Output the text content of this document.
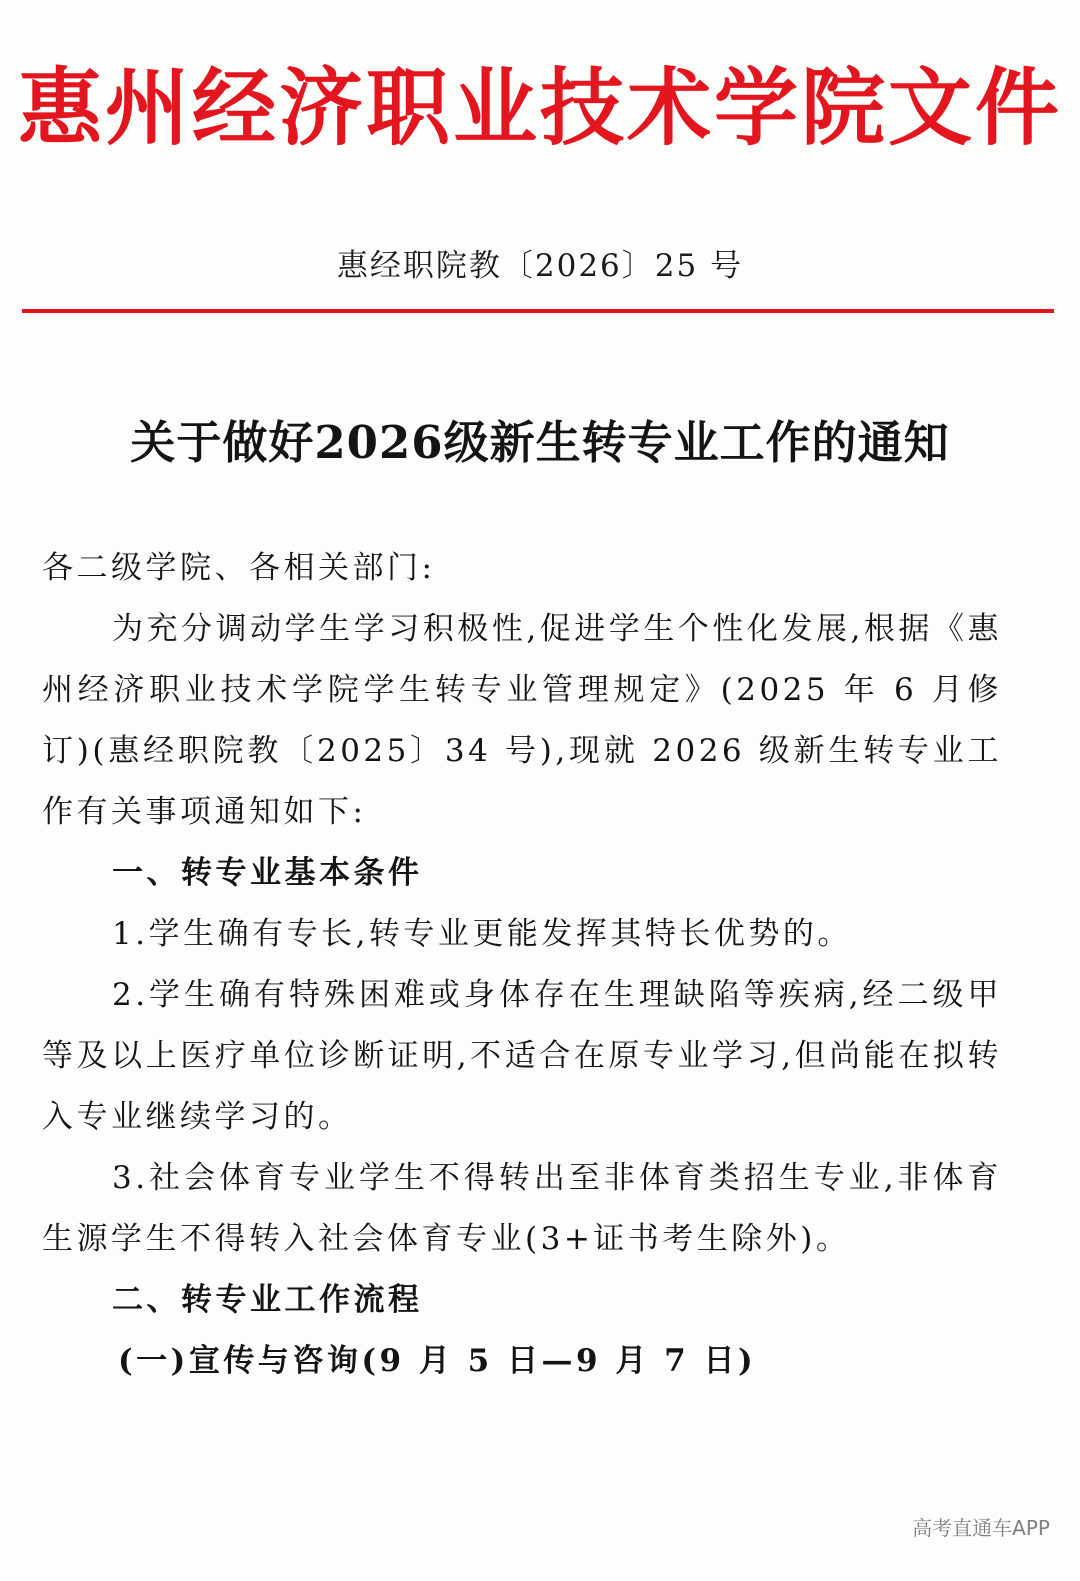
惠州经济职业技术学院文件
惠经职院教〔2026〕25 号
关于做好2026级新生转专业工作的通知

各二级学院、各相关部门:

为充分调动学生学习积极性,促进学生个性化发展,根据《惠州经济职业技术学院学生转专业管理规定》(2025 年 6 月修订)(惠经职院教〔2025〕34 号),现就 2026 级新生转专业工作有关事项通知如下:

一、转专业基本条件

1.学生确有专长,转专业更能发挥其特长优势的。

2.学生确有特殊困难或身体存在生理缺陷等疾病,经二级甲等及以上医疗单位诊断证明,不适合在原专业学习,但尚能在拟转入专业继续学习的。

3.社会体育专业学生不得转出至非体育类招生专业,非体育生源学生不得转入社会体育专业(3+证书考生除外)。

二、转专业工作流程

(一)宣传与咨询(9 月 5 日—9 月 7 日)

高考直通车APP
